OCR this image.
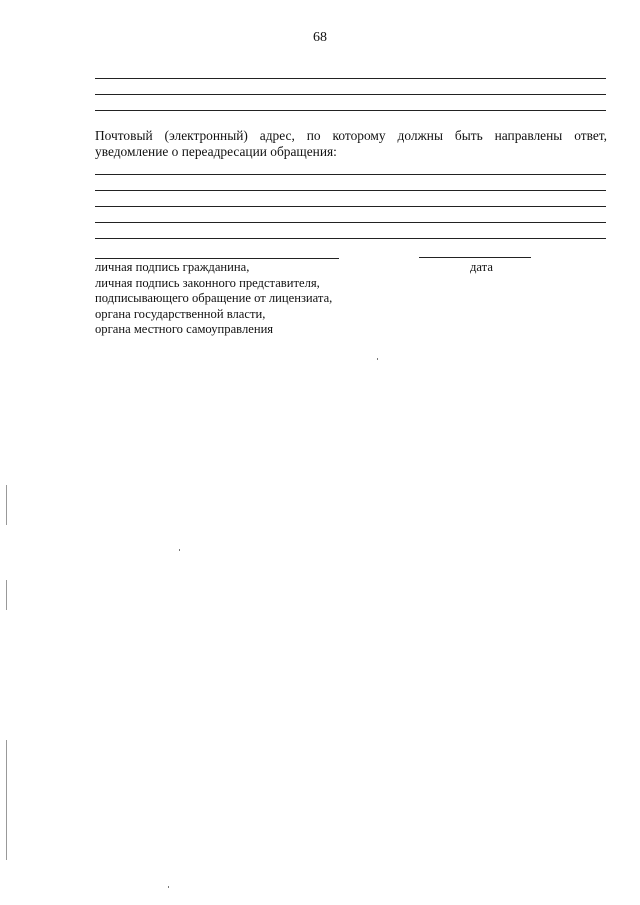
68
Почтовый (электронный) адрес, по которому должны быть направлены ответ, уведомление о переадресации обращения:
личная подпись гражданина,
личная подпись законного представителя,
подписывающего обращение от лицензиата,
органа государственной власти,
органа местного самоуправления
дата
